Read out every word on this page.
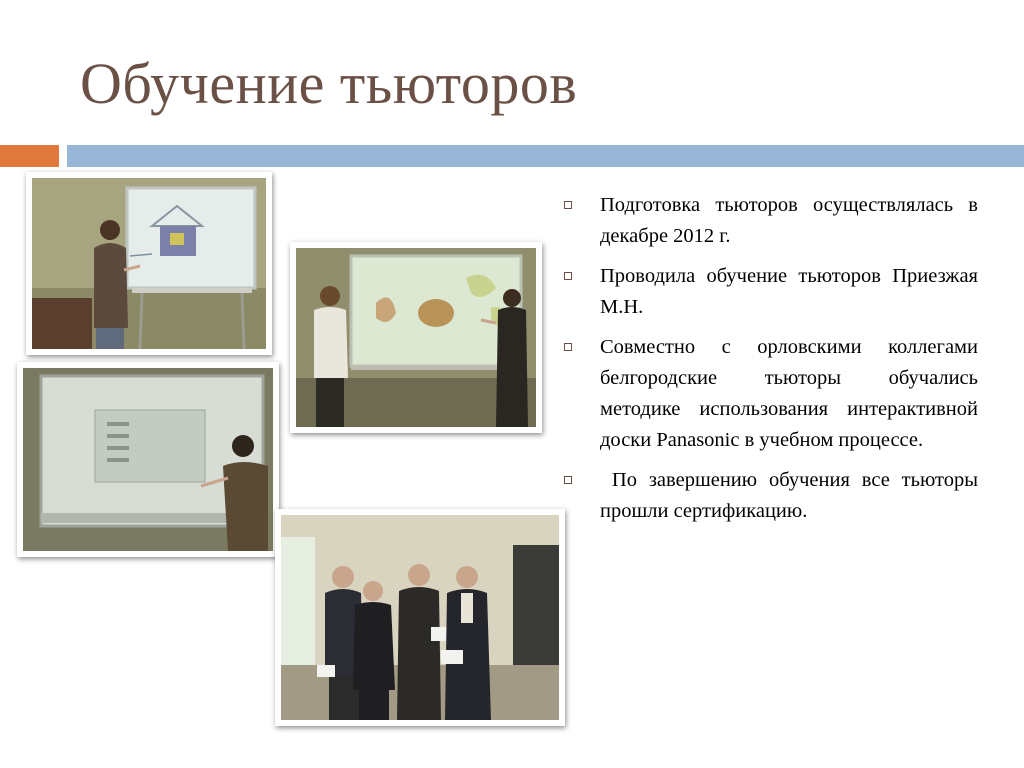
Обучение тьюторов
Подготовка тьюторов осуществлялась в декабре 2012 г.
Проводила обучение тьюторов Приезжая М.Н.
Совместно с орловскими коллегами белгородские тьюторы обучались методике использования интерактивной доски Panasonic в учебном процессе.
По завершению обучения все тьюторы прошли сертификацию.
